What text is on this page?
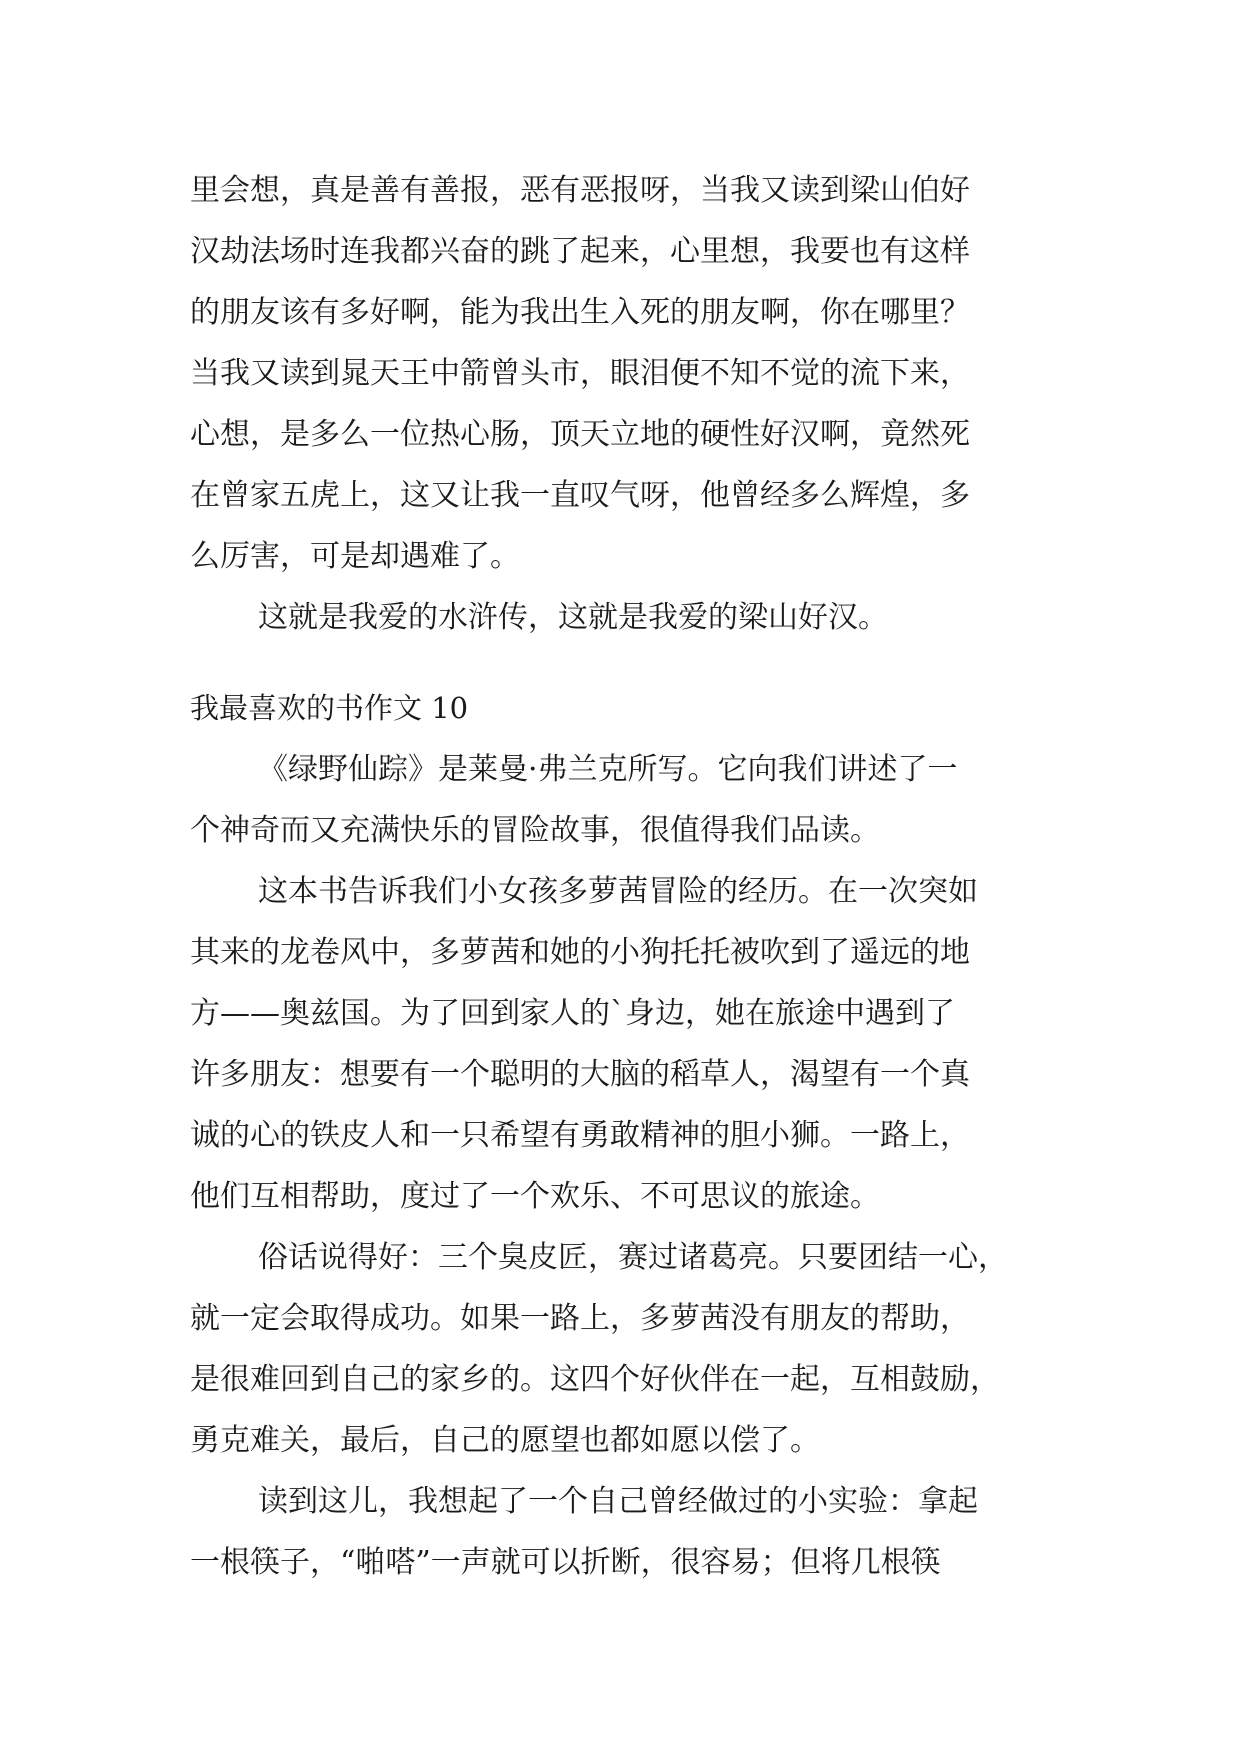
里会想，真是善有善报，恶有恶报呀，当我又读到梁山伯好
汉劫法场时连我都兴奋的跳了起来，心里想，我要也有这样
的朋友该有多好啊，能为我出生入死的朋友啊，你在哪里？
当我又读到晁天王中箭曾头市，眼泪便不知不觉的流下来，
心想，是多么一位热心肠，顶天立地的硬性好汉啊，竟然死
在曾家五虎上，这又让我一直叹气呀，他曾经多么辉煌，多
么厉害，可是却遇难了。
这就是我爱的水浒传，这就是我爱的梁山好汉。
我最喜欢的书作文 10
《绿野仙踪》是莱曼·弗兰克所写。它向我们讲述了一
个神奇而又充满快乐的冒险故事，很值得我们品读。
这本书告诉我们小女孩多萝茜冒险的经历。在一次突如
其来的龙卷风中，多萝茜和她的小狗托托被吹到了遥远的地
方——奥兹国。为了回到家人的`身边，她在旅途中遇到了
许多朋友：想要有一个聪明的大脑的稻草人，渴望有一个真
诚的心的铁皮人和一只希望有勇敢精神的胆小狮。一路上，
他们互相帮助，度过了一个欢乐、不可思议的旅途。
俗话说得好：三个臭皮匠，赛过诸葛亮。只要团结一心，
就一定会取得成功。如果一路上，多萝茜没有朋友的帮助，
是很难回到自己的家乡的。这四个好伙伴在一起，互相鼓励，
勇克难关，最后，自己的愿望也都如愿以偿了。
读到这儿，我想起了一个自己曾经做过的小实验：拿起
一根筷子，“啪嗒”一声就可以折断，很容易；但将几根筷
